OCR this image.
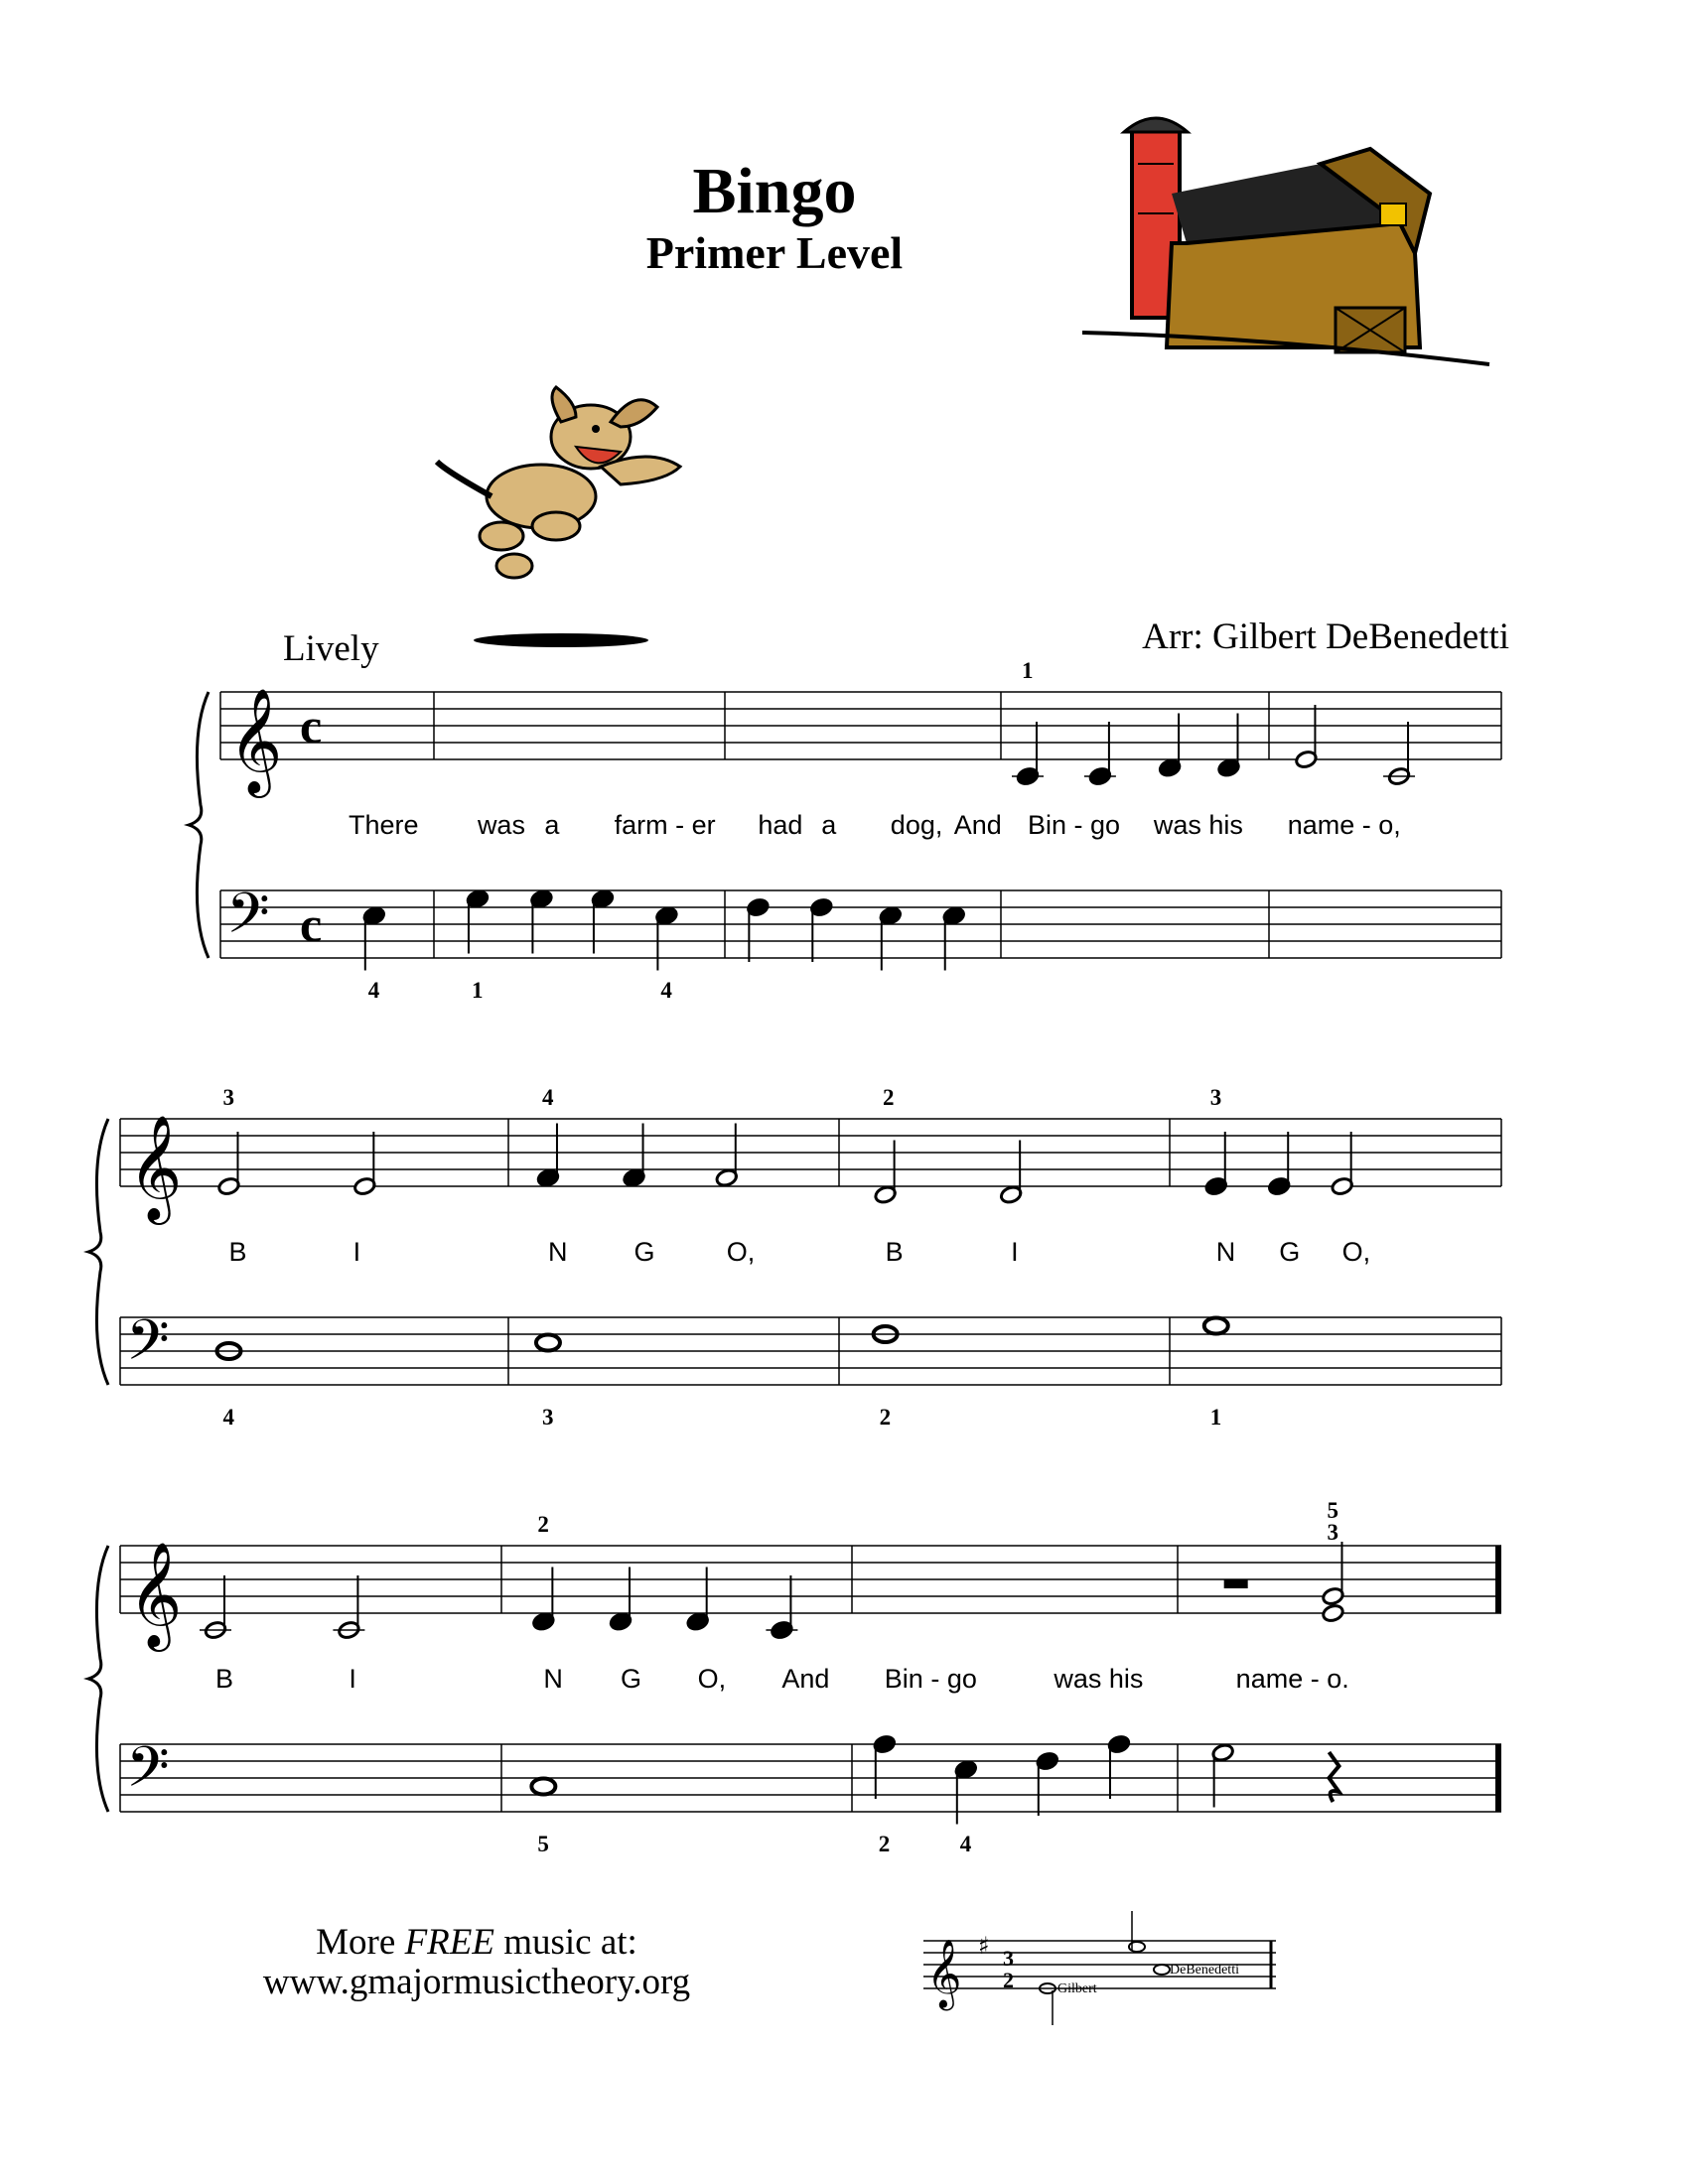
Bingo
Primer Level
Lively	Arr: Gilbert DeBenedetti
𝄞
𝄢
c
c
There was a farm - er had a dog, And Bin - go was his name - o,
1
4	1	4
𝄞
𝄢
B	I	N G	O,	B	I	N G O,
3	4	2	3
4	3	2	1
𝄞
𝄢
B	I	N G O, And Bin - go	was his	name - o.
2
5
3
5	2	4
More FREE music at:
www.gmajormusictheory.org	𝄞 ♯ 3
2	Gilbert
DeBenedetti
